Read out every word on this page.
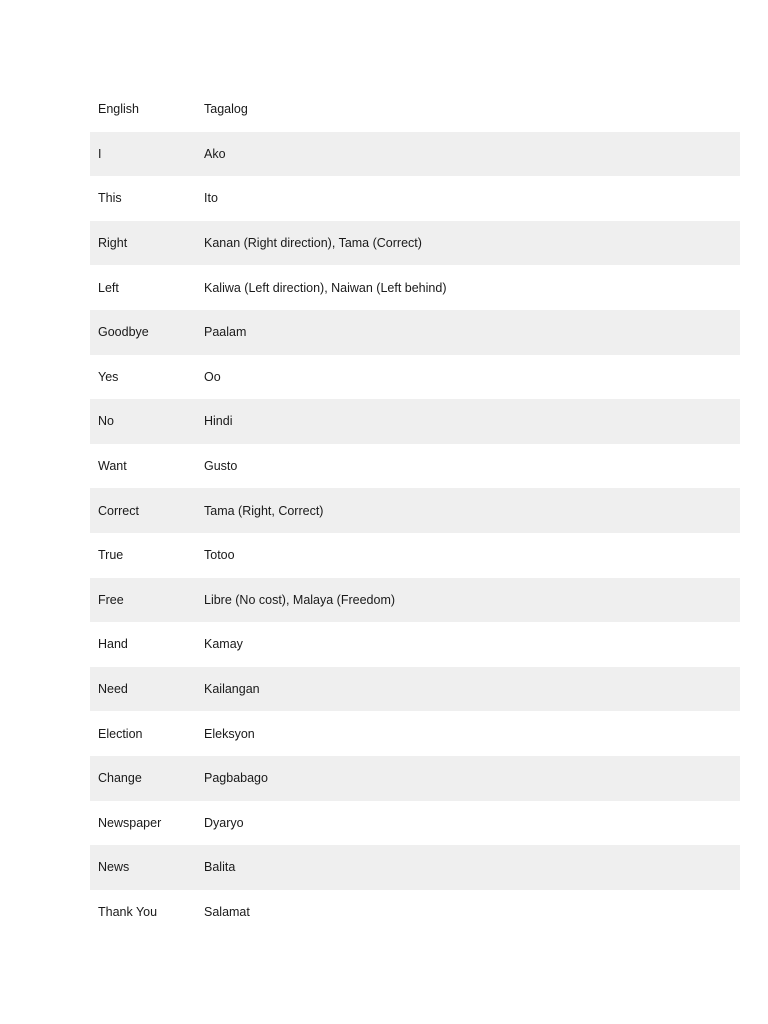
English	Tagalog
I	Ako
This	Ito
Right	Kanan (Right direction), Tama (Correct)
Left	Kaliwa (Left direction), Naiwan (Left behind)
Goodbye	Paalam
Yes	Oo
No	Hindi
Want	Gusto
Correct	Tama (Right, Correct)
True	Totoo
Free	Libre (No cost), Malaya (Freedom)
Hand	Kamay
Need	Kailangan
Election	Eleksyon
Change	Pagbabago
Newspaper	Dyaryo
News	Balita
Thank You	Salamat
